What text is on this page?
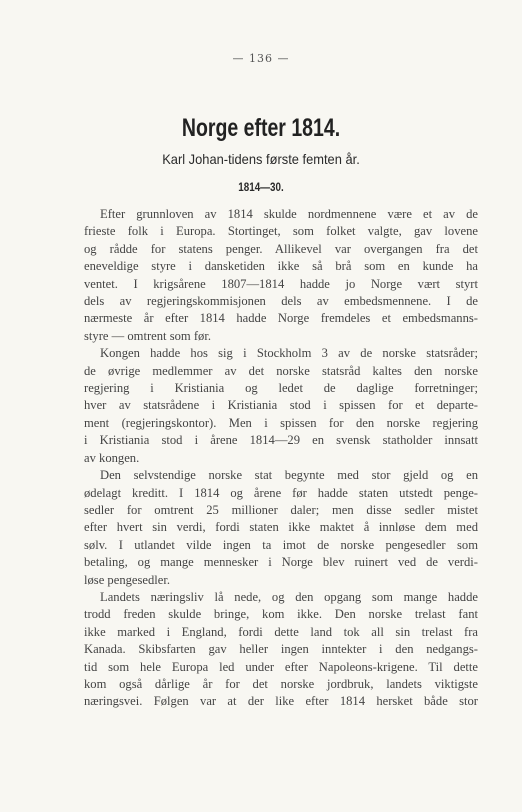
— 136 —
Norge efter 1814.
Karl Johan-tidens første femten år.
1814—30.
Efter grunnloven av 1814 skulde nordmennene være et av de
frieste folk i Europa. Stortinget, som folket valgte, gav lovene
og rådde for statens penger. Allikevel var overgangen fra det
eneveldige styre i dansketiden ikke så brå som en kunde ha
ventet. I krigsårene 1807—1814 hadde jo Norge vært styrt
dels av regjeringskommisjonen dels av embedsmennene. I de
nærmeste år efter 1814 hadde Norge fremdeles et embedsmanns-
styre — omtrent som før.
Kongen hadde hos sig i Stockholm 3 av de norske statsråder;
de øvrige medlemmer av det norske statsråd kaltes den norske
regjering i Kristiania og ledet de daglige forretninger;
hver av statsrådene i Kristiania stod i spissen for et departe-
ment (regjeringskontor). Men i spissen for den norske regjering
i Kristiania stod i årene 1814—29 en svensk statholder innsatt
av kongen.
Den selvstendige norske stat begynte med stor gjeld og en
ødelagt kreditt. I 1814 og årene før hadde staten utstedt penge-
sedler for omtrent 25 millioner daler; men disse sedler mistet
efter hvert sin verdi, fordi staten ikke maktet å innløse dem med
sølv. I utlandet vilde ingen ta imot de norske pengesedler som
betaling, og mange mennesker i Norge blev ruinert ved de verdi-
løse pengesedler.
Landets næringsliv lå nede, og den opgang som mange hadde
trodd freden skulde bringe, kom ikke. Den norske trelast fant
ikke marked i England, fordi dette land tok all sin trelast fra
Kanada. Skibsfarten gav heller ingen inntekter i den nedgangs-
tid som hele Europa led under efter Napoleons-krigene. Til dette
kom også dårlige år for det norske jordbruk, landets viktigste
næringsvei. Følgen var at der like efter 1814 hersket både stor
